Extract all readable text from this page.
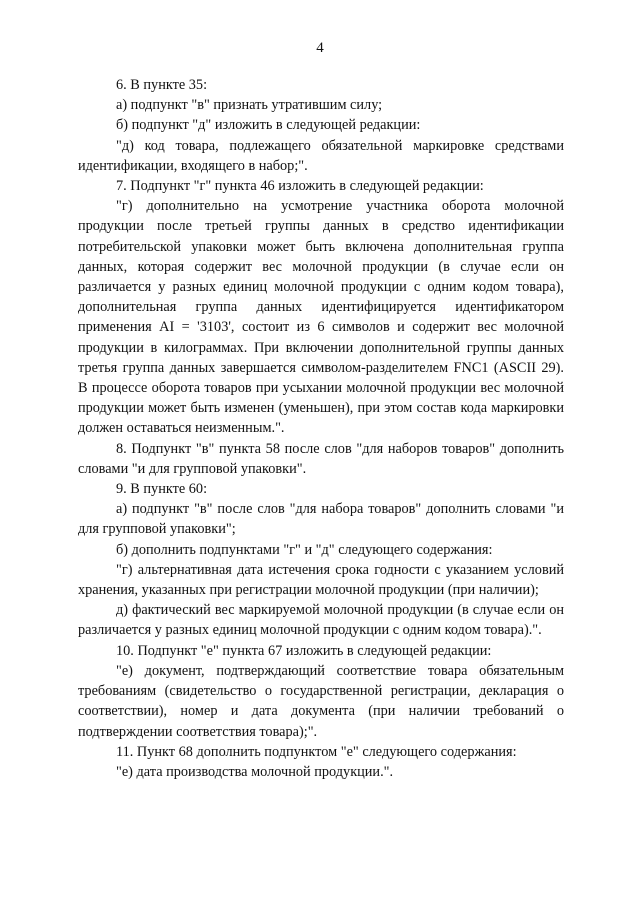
4

6. В пункте 35:

а) подпункт "в" признать утратившим силу;

б) подпункт "д" изложить в следующей редакции:

"д) код товара, подлежащего обязательной маркировке средствами идентификации, входящего в набор;".

7. Подпункт "г" пункта 46 изложить в следующей редакции:

"г) дополнительно на усмотрение участника оборота молочной продукции после третьей группы данных в средство идентификации потребительской упаковки может быть включена дополнительная группа данных, которая содержит вес молочной продукции (в случае если он различается у разных единиц молочной продукции с одним кодом товара), дополнительная группа данных идентифицируется идентификатором применения AI = '3103', состоит из 6 символов и содержит вес молочной продукции в килограммах. При включении дополнительной группы данных третья группа данных завершается символом-разделителем FNC1 (ASCII 29). В процессе оборота товаров при усыхании молочной продукции вес молочной продукции может быть изменен (уменьшен), при этом состав кода маркировки должен оставаться неизменным.".

8. Подпункт "в" пункта 58 после слов "для наборов товаров" дополнить словами "и для групповой упаковки".

9. В пункте 60:

а) подпункт "в" после слов "для набора товаров" дополнить словами "и для групповой упаковки";

б) дополнить подпунктами "г" и "д" следующего содержания:

"г) альтернативная дата истечения срока годности с указанием условий хранения, указанных при регистрации молочной продукции (при наличии);

д) фактический вес маркируемой молочной продукции (в случае если он различается у разных единиц молочной продукции с одним кодом товара).".

10. Подпункт "е" пункта 67 изложить в следующей редакции:

"е) документ, подтверждающий соответствие товара обязательным требованиям (свидетельство о государственной регистрации, декларация о соответствии), номер и дата документа (при наличии требований о подтверждении соответствия товара);".

11. Пункт 68 дополнить подпунктом "е" следующего содержания:

"е) дата производства молочной продукции.".
